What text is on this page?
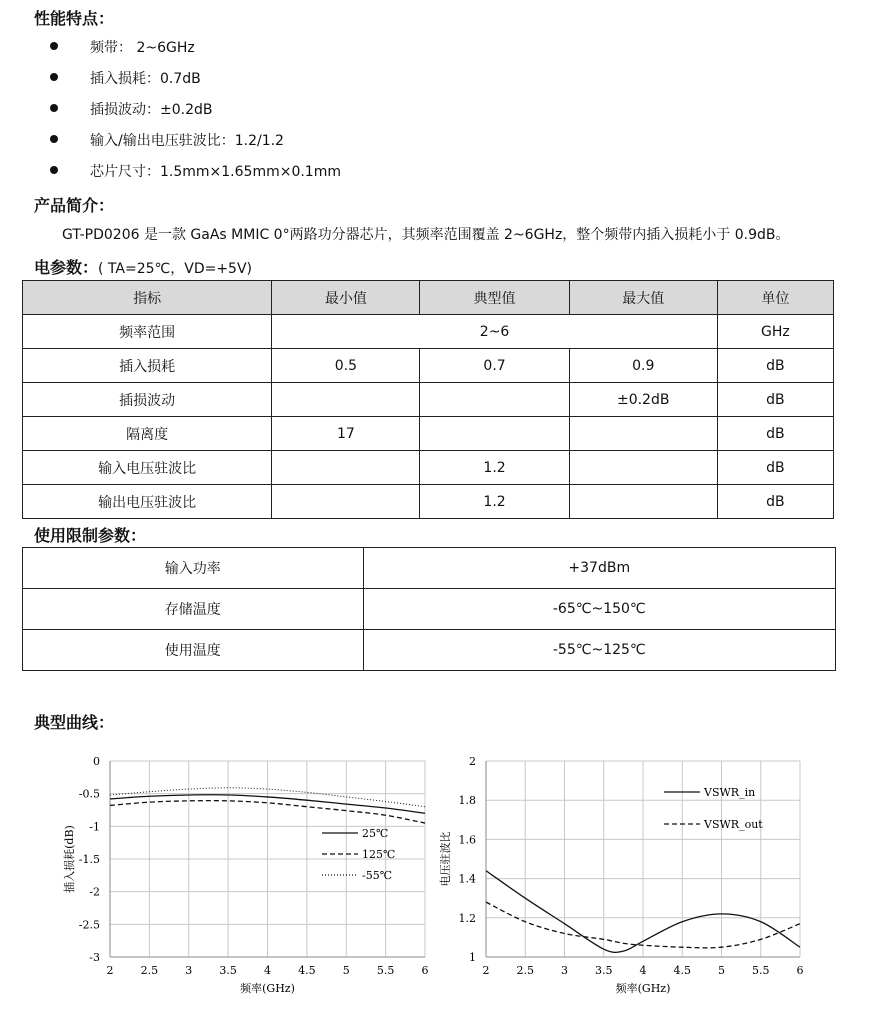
性能特点：
频带： 2~6GHz
插入损耗：0.7dB
插损波动：±0.2dB
输入/输出电压驻波比：1.2/1.2
芯片尺寸：1.5mm×1.65mm×0.1mm
产品简介：
GT-PD0206 是一款 GaAs MMIC 0°两路功分器芯片，其频率范围覆盖 2~6GHz，整个频带内插入损耗小于 0.9dB。
电参数：( TA=25℃，VD=+5V)
指标	最小值	典型值	最大值	单位
频率范围	2~6			GHz
插入损耗	0.5	0.7	0.9	dB
插损波动			±0.2dB	dB
隔离度	17			dB
输入电压驻波比		1.2		dB
输出电压驻波比		1.2		dB
使用限制参数：
输入功率	+37dBm
存储温度	-65℃~150℃
使用温度	-55℃~125℃
典型曲线：
2 2.5 3 3.5 4 4.5 5 5.5 6
0
-0.5
-1
-1.5
-2
-2.5
-3
25℃
125℃
-55℃
频率(GHz)
插入损耗(dB)
2 2.5 3 3.5 4 4.5 5 5.5 6
2
1.8
1.6
1.4
1.2
1
VSWR_in
VSWR_out
频率(GHz)
电压驻波比
